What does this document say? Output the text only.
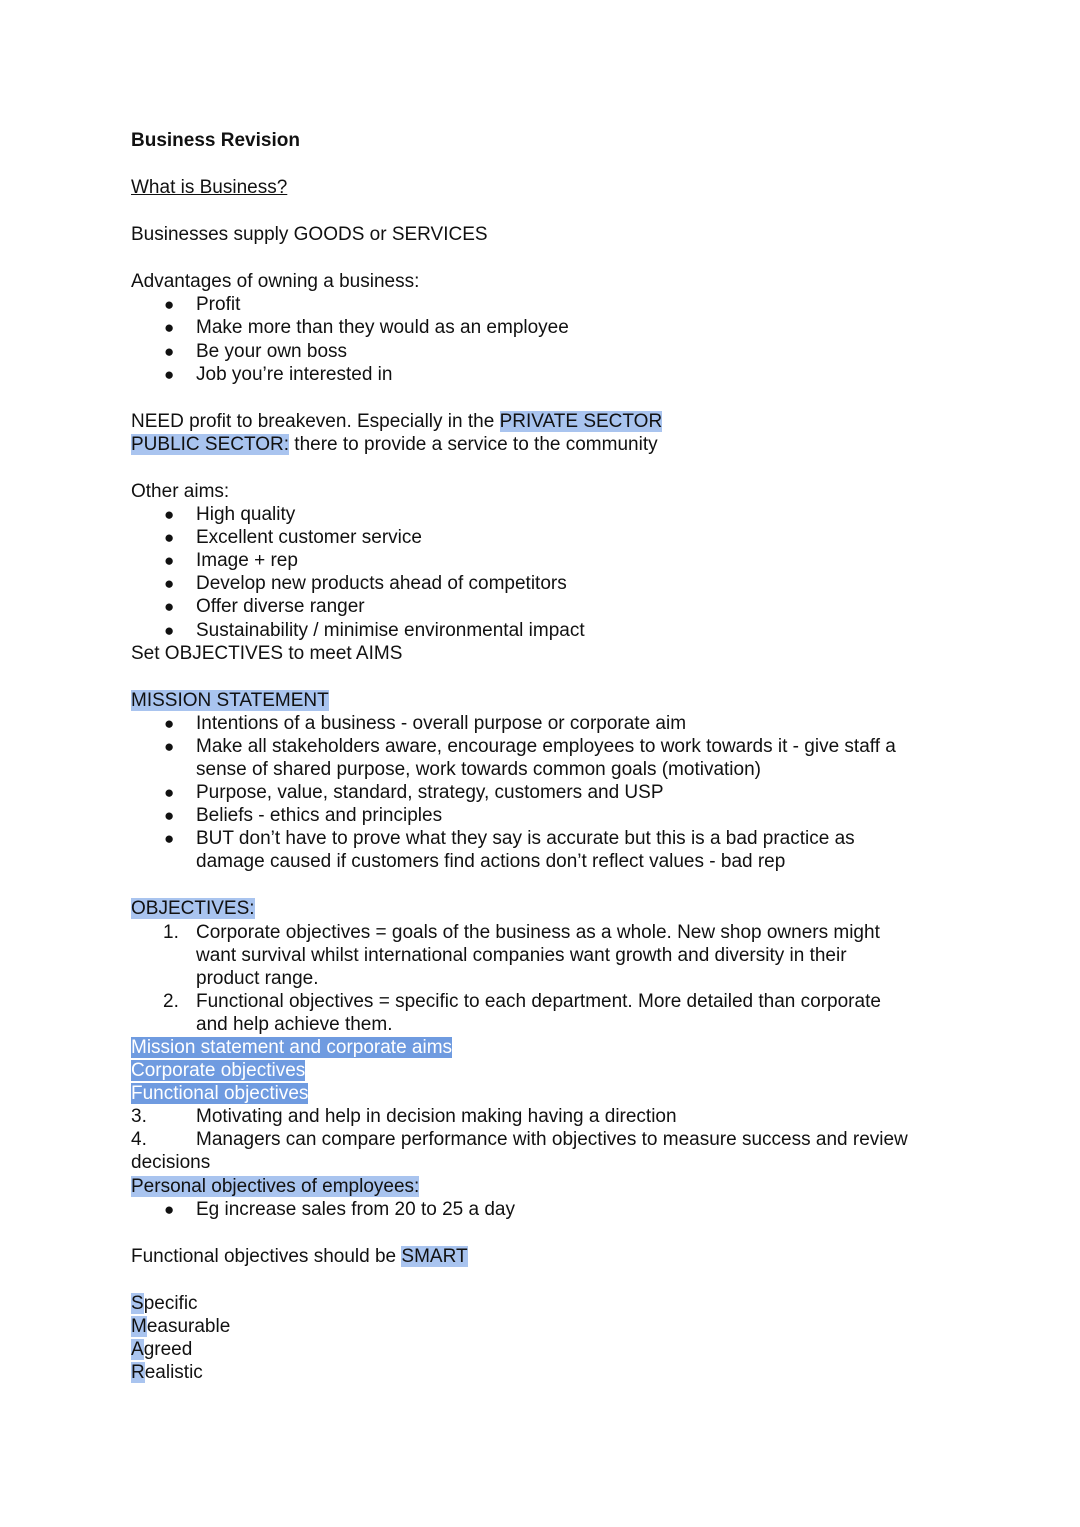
Business Revision
What is Business?
Businesses supply GOODS or SERVICES
Advantages of owning a business:
● Profit
● Make more than they would as an employee
● Be your own boss
● Job you’re interested in
NEED profit to breakeven. Especially in the PRIVATE SECTOR
PUBLIC SECTOR: there to provide a service to the community
Other aims:
● High quality
● Excellent customer service
● Image + rep
● Develop new products ahead of competitors
● Offer diverse ranger
● Sustainability / minimise environmental impact
Set OBJECTIVES to meet AIMS
MISSION STATEMENT
● Intentions of a business - overall purpose or corporate aim
● Make all stakeholders aware, encourage employees to work towards it - give staff a
sense of shared purpose, work towards common goals (motivation)
● Purpose, value, standard, strategy, customers and USP
● Beliefs - ethics and principles
● BUT don’t have to prove what they say is accurate but this is a bad practice as
damage caused if customers find actions don’t reflect values - bad rep
OBJECTIVES:
1. Corporate objectives = goals of the business as a whole. New shop owners might
want survival whilst international companies want growth and diversity in their
product range.
2. Functional objectives = specific to each department. More detailed than corporate
and help achieve them.
Mission statement and corporate aims
Corporate objectives
Functional objectives
3.	Motivating and help in decision making having a direction
4.	Managers can compare performance with objectives to measure success and review
decisions
Personal objectives of employees:
● Eg increase sales from 20 to 25 a day
Functional objectives should be SMART
Specific
Measurable
Agreed
Realistic
